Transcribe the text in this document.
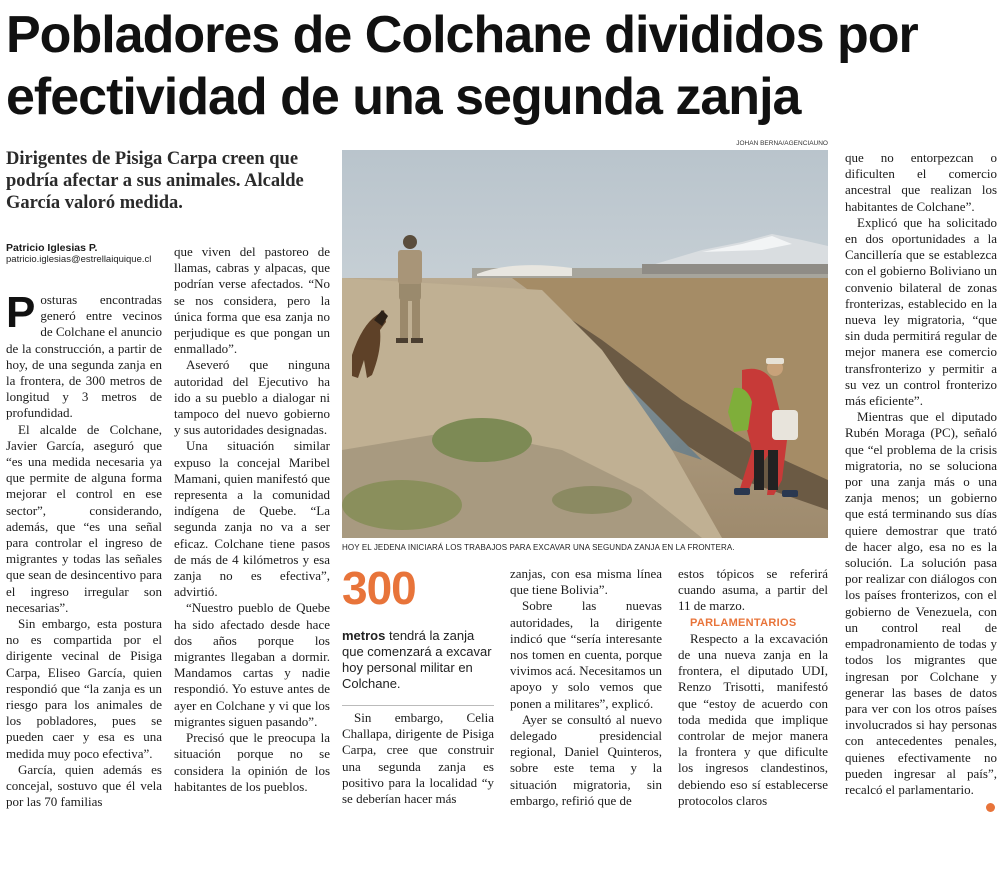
Pobladores de Colchane divididos por efectividad de una segunda zanja
Dirigentes de Pisiga Carpa creen que podría afectar a sus animales. Alcalde García valoró medida.
JOHAN BERNA/AGENCIAUNO
HOY EL JEDENA INICIARÁ LOS TRABAJOS PARA EXCAVAR UNA SEGUNDA ZANJA EN LA FRONTERA.
Patricio Iglesias P.
patricio.iglesias@estrellaiquique.cl

Posturas encontradas generó entre vecinos de Colchane el anuncio de la construcción, a partir de hoy, de una segunda zanja en la frontera, de 300 metros de longitud y 3 metros de profundidad.

El alcalde de Colchane, Javier García, aseguró que “es una medida necesaria ya que permite de alguna forma mejorar el control en ese sector”, considerando, además, que “es una señal para controlar el ingreso de migrantes y todas las señales que sean de desincentivo para el ingreso irregular son necesarias”.

Sin embargo, esta postura no es compartida por el dirigente vecinal de Pisiga Carpa, Eliseo García, quien respondió que “la zanja es un riesgo para los animales de los pobladores, pues se pueden caer y esa es una medida muy poco efectiva”.

García, quien además es concejal, sostuvo que él vela por las 70 familias

que viven del pastoreo de llamas, cabras y alpacas, que podrían verse afectados. “No se nos considera, pero la única forma que esa zanja no perjudique es que pongan un enmallado”.

Aseveró que ninguna autoridad del Ejecutivo ha ido a su pueblo a dialogar ni tampoco del nuevo gobierno y sus autoridades designadas.

Una situación similar expuso la concejal Maribel Mamani, quien manifestó que representa a la comunidad indígena de Quebe. “La segunda zanja no va a ser eficaz. Colchane tiene pasos de más de 4 kilómetros y esa zanja no es efectiva”, advirtió.

“Nuestro pueblo de Quebe ha sido afectado desde hace dos años porque los migrantes llegaban a dormir. Mandamos cartas y nadie respondió. Yo estuve antes de ayer en Colchane y vi que los migrantes siguen pasando”.

Precisó que le preocupa la situación porque no se considera la opinión de los habitantes de los pueblos.

300
metros tendrá la zanja que comenzará a excavar hoy personal militar en Colchane.

Sin embargo, Celia Challapa, dirigente de Pisiga Carpa, cree que construir una segunda zanja es positivo para la localidad “y se deberían hacer más

zanjas, con esa misma línea que tiene Bolivia”.

Sobre las nuevas autoridades, la dirigente indicó que “sería interesante nos tomen en cuenta, porque vivimos acá. Necesitamos un apoyo y solo vemos que ponen a militares”, explicó.

Ayer se consultó al nuevo delegado presidencial regional, Daniel Quinteros, sobre este tema y la situación migratoria, sin embargo, refirió que de

estos tópicos se referirá cuando asuma, a partir del 11 de marzo.

PARLAMENTARIOS

Respecto a la excavación de una nueva zanja en la frontera, el diputado UDI, Renzo Trisotti, manifestó que “estoy de acuerdo con toda medida que implique controlar de mejor manera la frontera y que dificulte los ingresos clandestinos, debiendo eso sí establecerse protocolos claros

que no entorpezcan o dificulten el comercio ancestral que realizan los habitantes de Colchane”.

Explicó que ha solicitado en dos oportunidades a la Cancillería que se establezca con el gobierno Boliviano un convenio bilateral de zonas fronterizas, establecido en la nueva ley migratoria, “que sin duda permitirá regular de mejor manera ese comercio transfronterizo y permitir a su vez un control fronterizo más eficiente”.

Mientras que el diputado Rubén Moraga (PC), señaló que “el problema de la crisis migratoria, no se soluciona por una zanja más o una zanja menos; un gobierno que está terminando sus días quiere demostrar que trató de hacer algo, esa no es la solución. La solución pasa por realizar con diálogos con los países fronterizos, con el gobierno de Venezuela, con un control real de empadronamiento de todas y todos los migrantes que ingresan por Colchane y generar las bases de datos para ver con los otros países involucrados si hay personas con antecedentes penales, quienes efectivamente no pueden ingresar al país”, recalcó el parlamentario.
